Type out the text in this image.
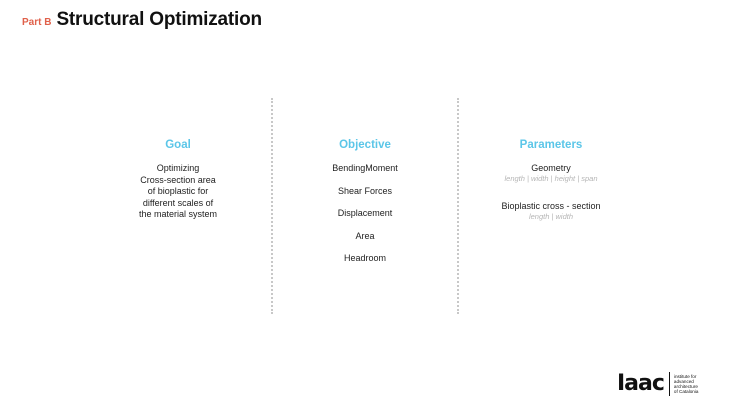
Part B Structural Optimization
Goal
Optimizing
Cross-section area
of bioplastic for
different scales of
the material system
Objective
BendingMoment
Shear Forces
Displacement
Area
Headroom
Parameters
Geometry
length | width | height | span
Bioplastic cross - section
length | width
Iaac institute for
advanced
architecture
of Catalonia
